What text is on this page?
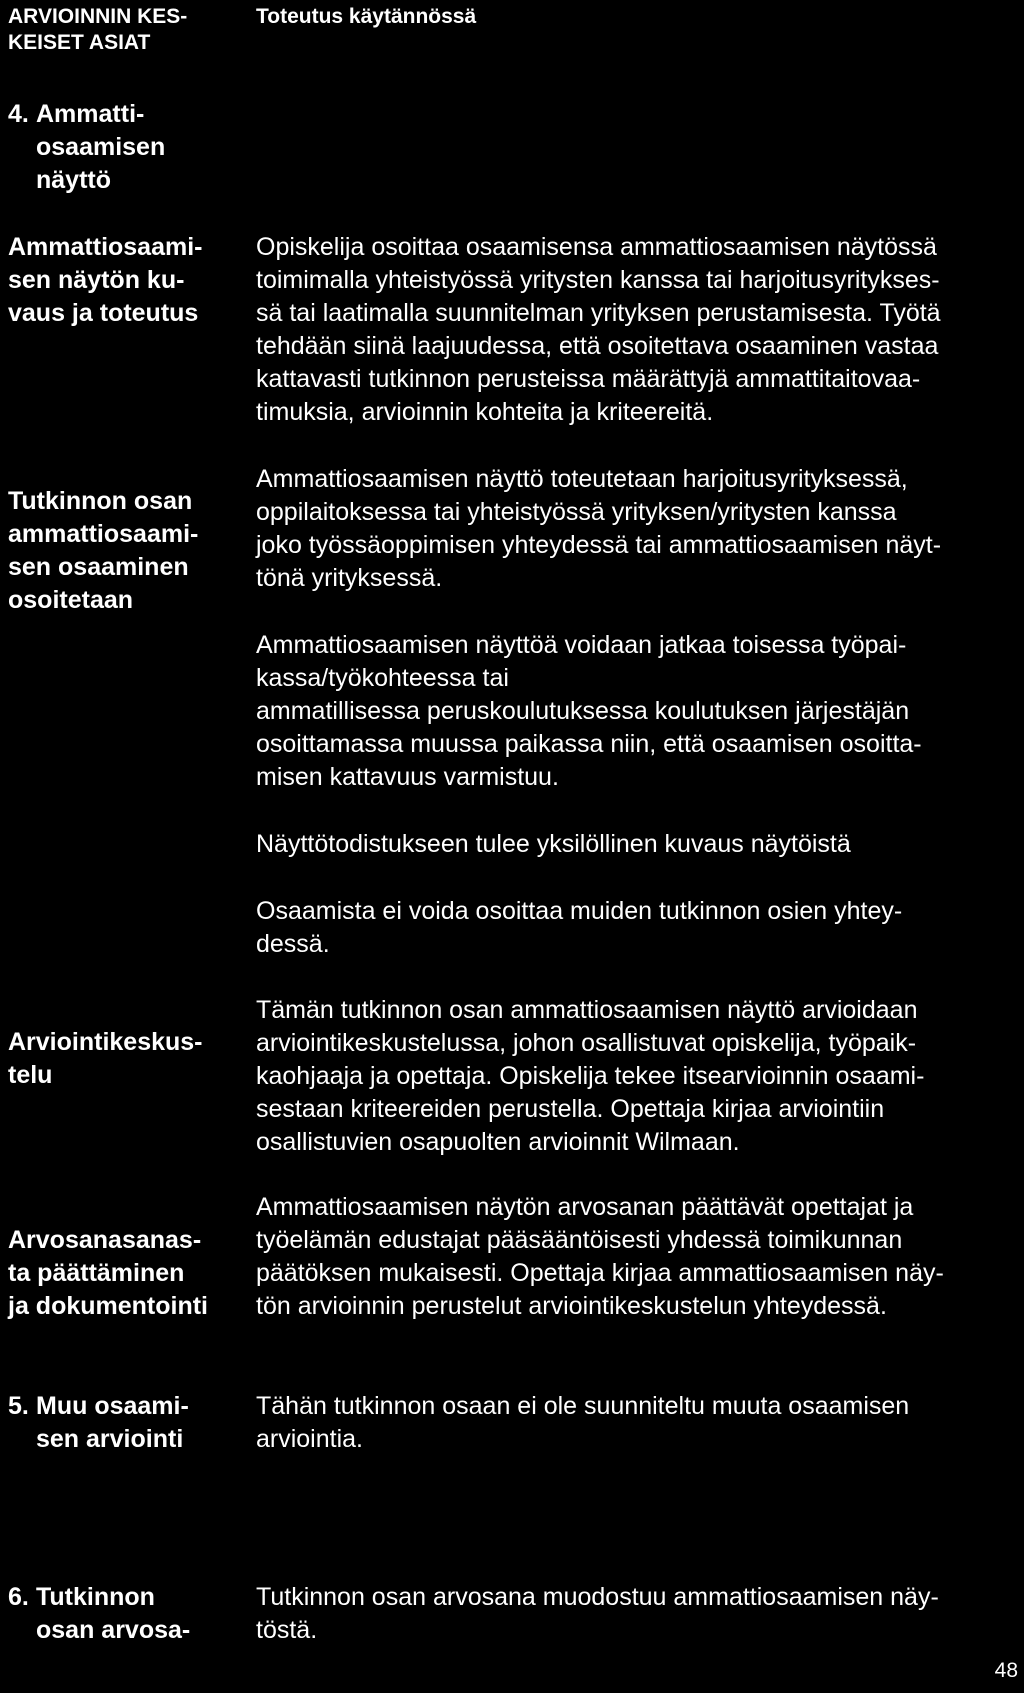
ARVIOINNIN KES-
KEISET ASIAT
Toteutus käytännössä
4. Ammatti-
osaamisen
näyttö
Ammattiosaami-
sen näytön ku-
vaus ja toteutus
Tutkinnon osan
ammattiosaami-
sen osaaminen
osoitetaan

Opiskelija osoittaa osaamisensa ammattiosaamisen näytössä
toimimalla yhteistyössä yritysten kanssa tai harjoitusyritykses-
sä tai laatimalla suunnitelman yrityksen perustamisesta. Työtä
tehdään siinä laajuudessa, että osoitettava osaaminen vastaa
kattavasti tutkinnon perusteissa määrättyjä ammattitaitovaa-
timuksia, arvioinnin kohteita ja kriteereitä.

Ammattiosaamisen näyttö toteutetaan harjoitusyrityksessä,
oppilaitoksessa tai yhteistyössä yrityksen/yritysten kanssa
joko työssäoppimisen yhteydessä tai ammattiosaamisen näyt-
tönä yrityksessä.

Ammattiosaamisen näyttöä voidaan jatkaa toisessa työpai-
kassa/työkohteessa tai
ammatillisessa peruskoulutuksessa koulutuksen järjestäjän
osoittamassa muussa paikassa niin, että osaamisen osoitta-
misen kattavuus varmistuu.

Näyttötodistukseen tulee yksilöllinen kuvaus näytöistä

Osaamista ei voida osoittaa muiden tutkinnon osien yhtey-
dessä.

Arviointikeskus-
telu
Tämän tutkinnon osan ammattiosaamisen näyttö arvioidaan
arviointikeskustelussa, johon osallistuvat opiskelija, työpaik-
kaohjaaja ja opettaja. Opiskelija tekee itsearvioinnin osaami-
sestaan kriteereiden perustella. Opettaja kirjaa arviointiin
osallistuvien osapuolten arvioinnit Wilmaan.
Arvosanasanas-
ta päättäminen
ja dokumentointi
Ammattiosaamisen näytön arvosanan päättävät opettajat ja
työelämän edustajat pääsääntöisesti yhdessä toimikunnan
päätöksen mukaisesti. Opettaja kirjaa ammattiosaamisen näy-
tön arvioinnin perustelut arviointikeskustelun yhteydessä.
5. Muu osaami-
sen arviointi
Tähän tutkinnon osaan ei ole suunniteltu muuta osaamisen
arviointia.
6. Tutkinnon
osan arvosa-
Tutkinnon osan arvosana muodostuu ammattiosaamisen näy-
töstä.
48
